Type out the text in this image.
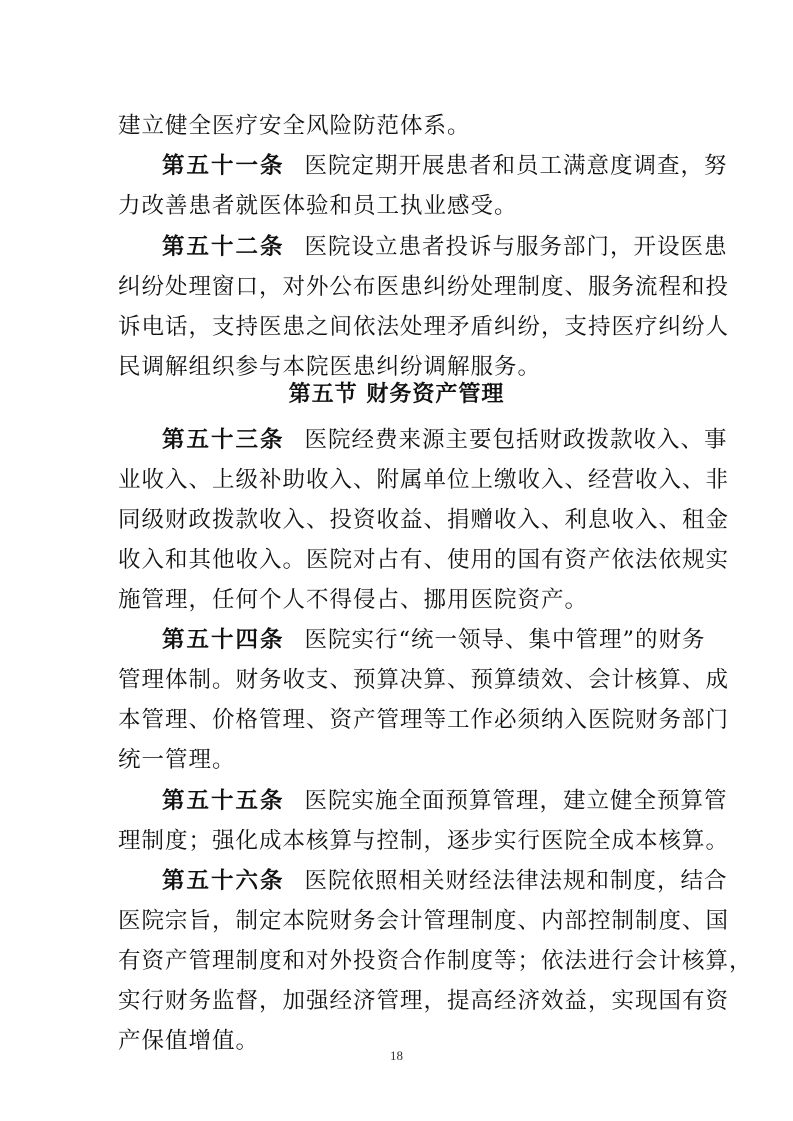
建立健全医疗安全风险防范体系。
第五十一条 医院定期开展患者和员工满意度调查，努
力改善患者就医体验和员工执业感受。
第五十二条 医院设立患者投诉与服务部门，开设医患
纠纷处理窗口，对外公布医患纠纷处理制度、服务流程和投
诉电话，支持医患之间依法处理矛盾纠纷，支持医疗纠纷人
民调解组织参与本院医患纠纷调解服务。
第五节 财务资产管理
第五十三条 医院经费来源主要包括财政拨款收入、事
业收入、上级补助收入、附属单位上缴收入、经营收入、非
同级财政拨款收入、投资收益、捐赠收入、利息收入、租金
收入和其他收入。医院对占有、使用的国有资产依法依规实
施管理，任何个人不得侵占、挪用医院资产。
第五十四条 医院实行“统一领导、集中管理”的财务
管理体制。财务收支、预算决算、预算绩效、会计核算、成
本管理、价格管理、资产管理等工作必须纳入医院财务部门
统一管理。
第五十五条 医院实施全面预算管理，建立健全预算管
理制度；强化成本核算与控制，逐步实行医院全成本核算。
第五十六条 医院依照相关财经法律法规和制度，结合
医院宗旨，制定本院财务会计管理制度、内部控制制度、国
有资产管理制度和对外投资合作制度等；依法进行会计核算，
实行财务监督，加强经济管理，提高经济效益，实现国有资
产保值增值。
18
